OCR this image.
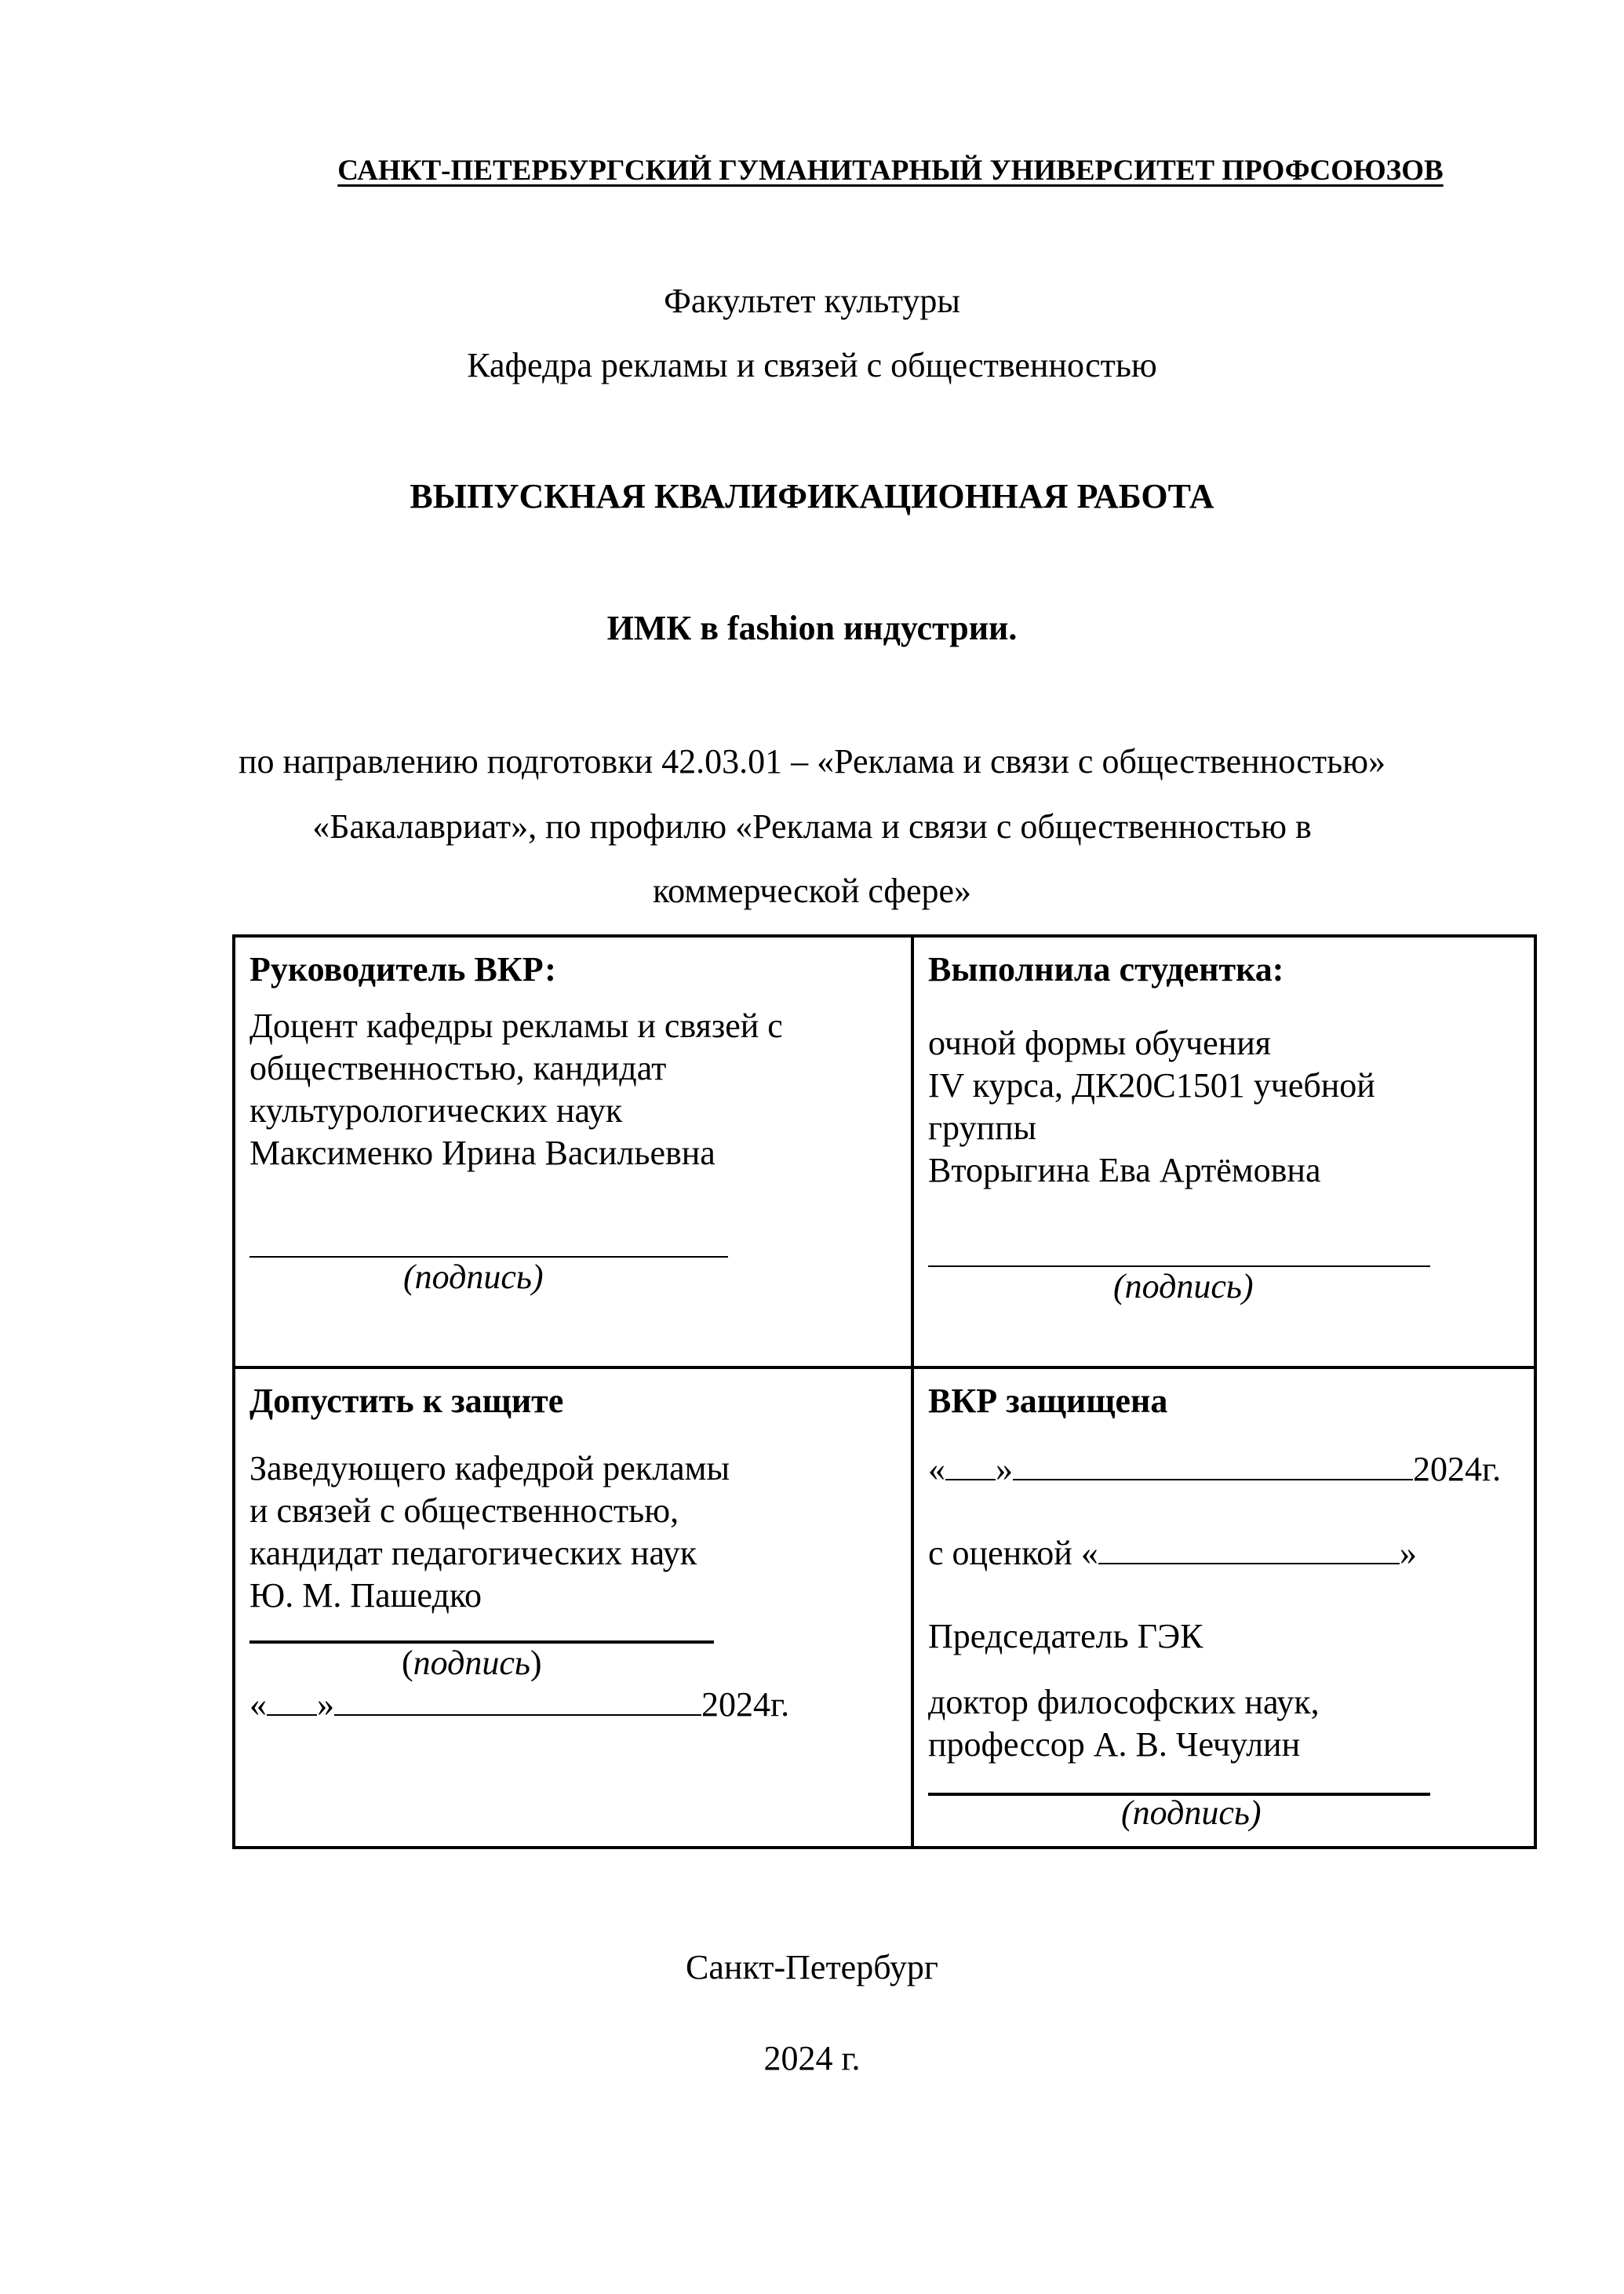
САНКТ-ПЕТЕРБУРГСКИЙ ГУМАНИТАРНЫЙ УНИВЕРСИТЕТ ПРОФСОЮЗОВ
Факультет культуры
Кафедра рекламы и связей с общественностью
ВЫПУСКНАЯ КВАЛИФИКАЦИОННАЯ РАБОТА
ИМК в fashion индустрии.
по направлению подготовки 42.03.01 – «Реклама и связи с общественностью»
«Бакалавриат», по профилю «Реклама и связи с общественностью в
коммерческой сфере»
Руководитель ВКР:
Доцент кафедры рекламы и связей с
общественностью, кандидат
культурологических наук
Максименко Ирина Васильевна
(подпись)

Выполнила студентка:
очной формы обучения
IV курса, ДК20С1501 учебной
группы
Вторыгина Ева Артёмовна
(подпись)

Допустить к защите
Заведующего кафедрой рекламы
и связей с общественностью,
кандидат педагогических наук
Ю. М. Пашедко
(подпись)
« »	2024г.

ВКР защищена
« »	2024г.
с оценкой «	»
Председатель ГЭК
доктор философских наук,
профессор А. В. Чечулин
(подпись)
Санкт-Петербург
2024 г.
